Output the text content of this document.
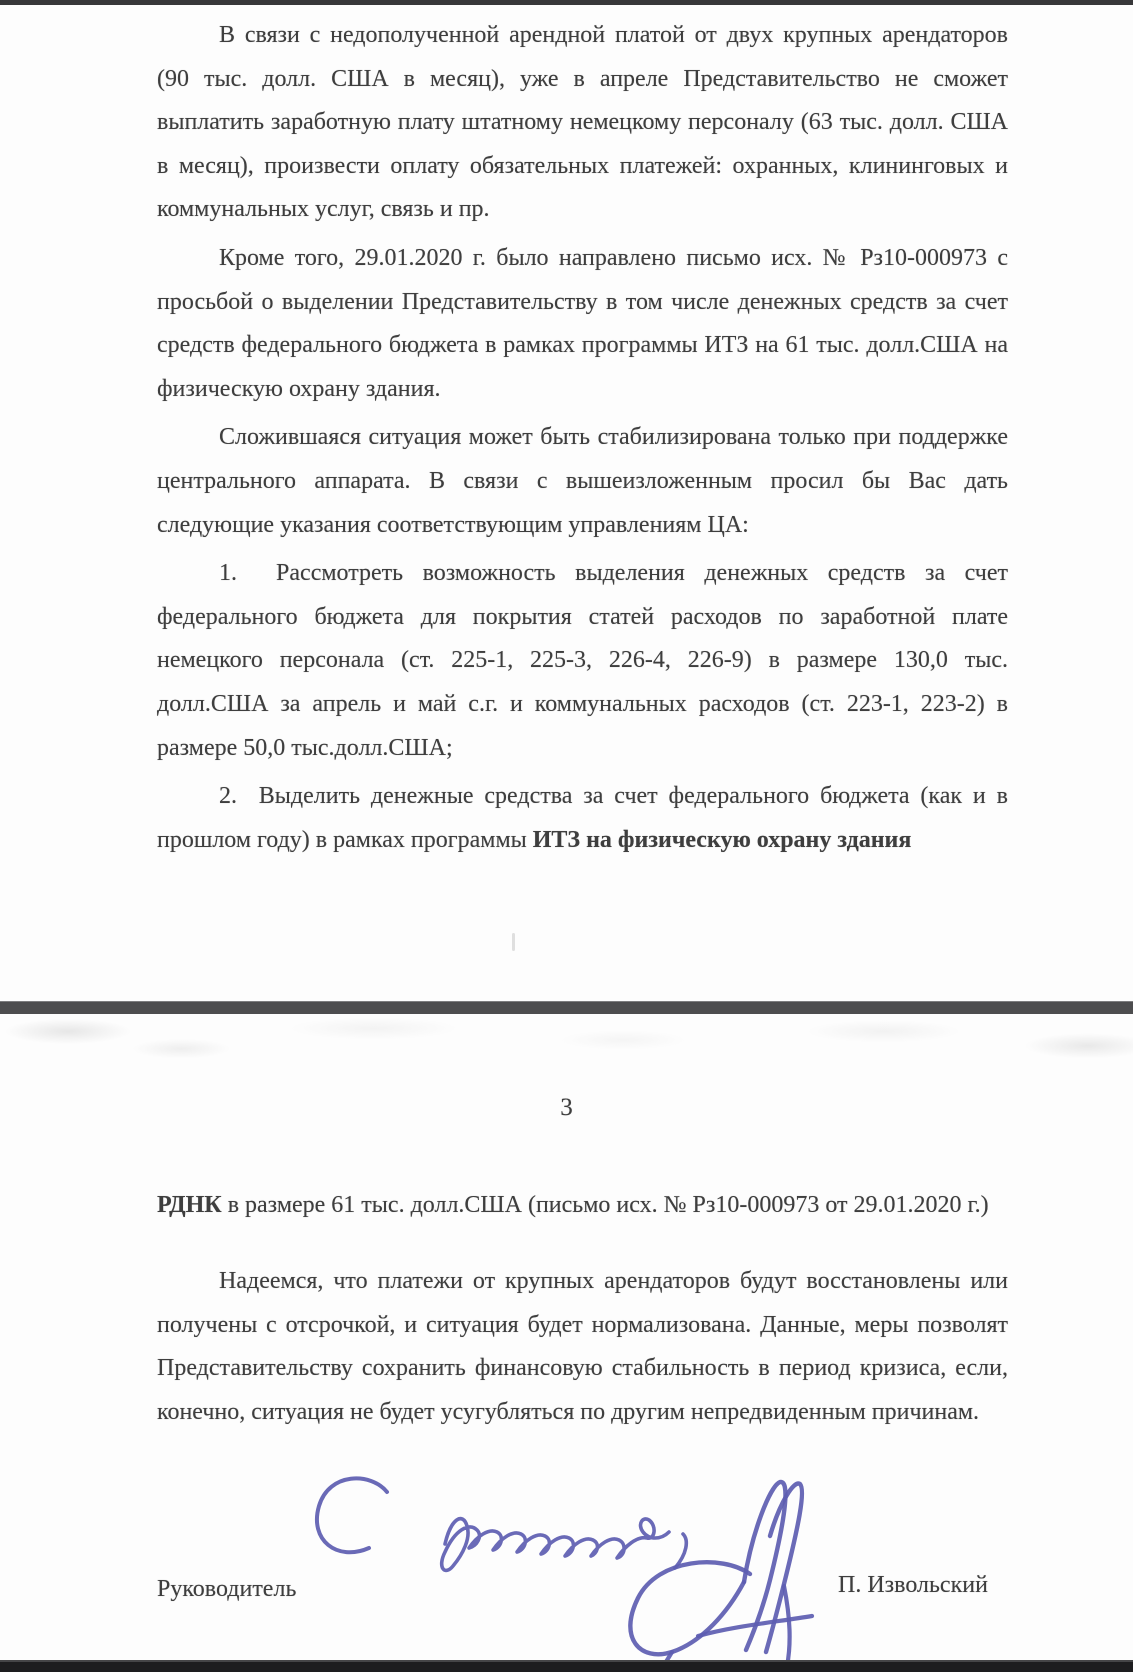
В связи с недополученной арендной платой от двух крупных арендаторов (90 тыс. долл. США в месяц), уже в апреле Представительство не сможет выплатить заработную плату штатному немецкому персоналу (63 тыс. долл. США в месяц), произвести оплату обязательных платежей: охранных, клининговых и коммунальных услуг, связь и пр.

Кроме того, 29.01.2020 г. было направлено письмо исх. № Рз10-000973 с просьбой о выделении Представительству в том числе денежных средств за счет средств федерального бюджета в рамках программы ИТЗ на 61 тыс. долл.США на физическую охрану здания.

Сложившаяся ситуация может быть стабилизирована только при поддержке центрального аппарата. В связи с вышеизложенным просил бы Вас дать следующие указания соответствующим управлениям ЦА:

1.  Рассмотреть возможность выделения денежных средств за счет федерального бюджета для покрытия статей расходов по заработной плате немецкого персонала (ст. 225-1, 225-3, 226-4, 226-9) в размере 130,0 тыс. долл.США за апрель и май с.г. и коммунальных расходов (ст. 223-1, 223-2) в размере 50,0 тыс.долл.США;

2.  Выделить денежные средства за счет федерального бюджета (как и в прошлом году) в рамках программы ИТЗ на физическую охрану здания

3

РДНК в размере 61 тыс. долл.США (письмо исх. № Рз10-000973 от 29.01.2020 г.)

Надеемся, что платежи от крупных арендаторов будут восстановлены или получены с отсрочкой, и ситуация будет нормализована. Данные, меры позволят Представительству сохранить финансовую стабильность в период кризиса, если, конечно, ситуация не будет усугубляться по другим непредвиденным причинам.

Руководитель	П. Извольский
